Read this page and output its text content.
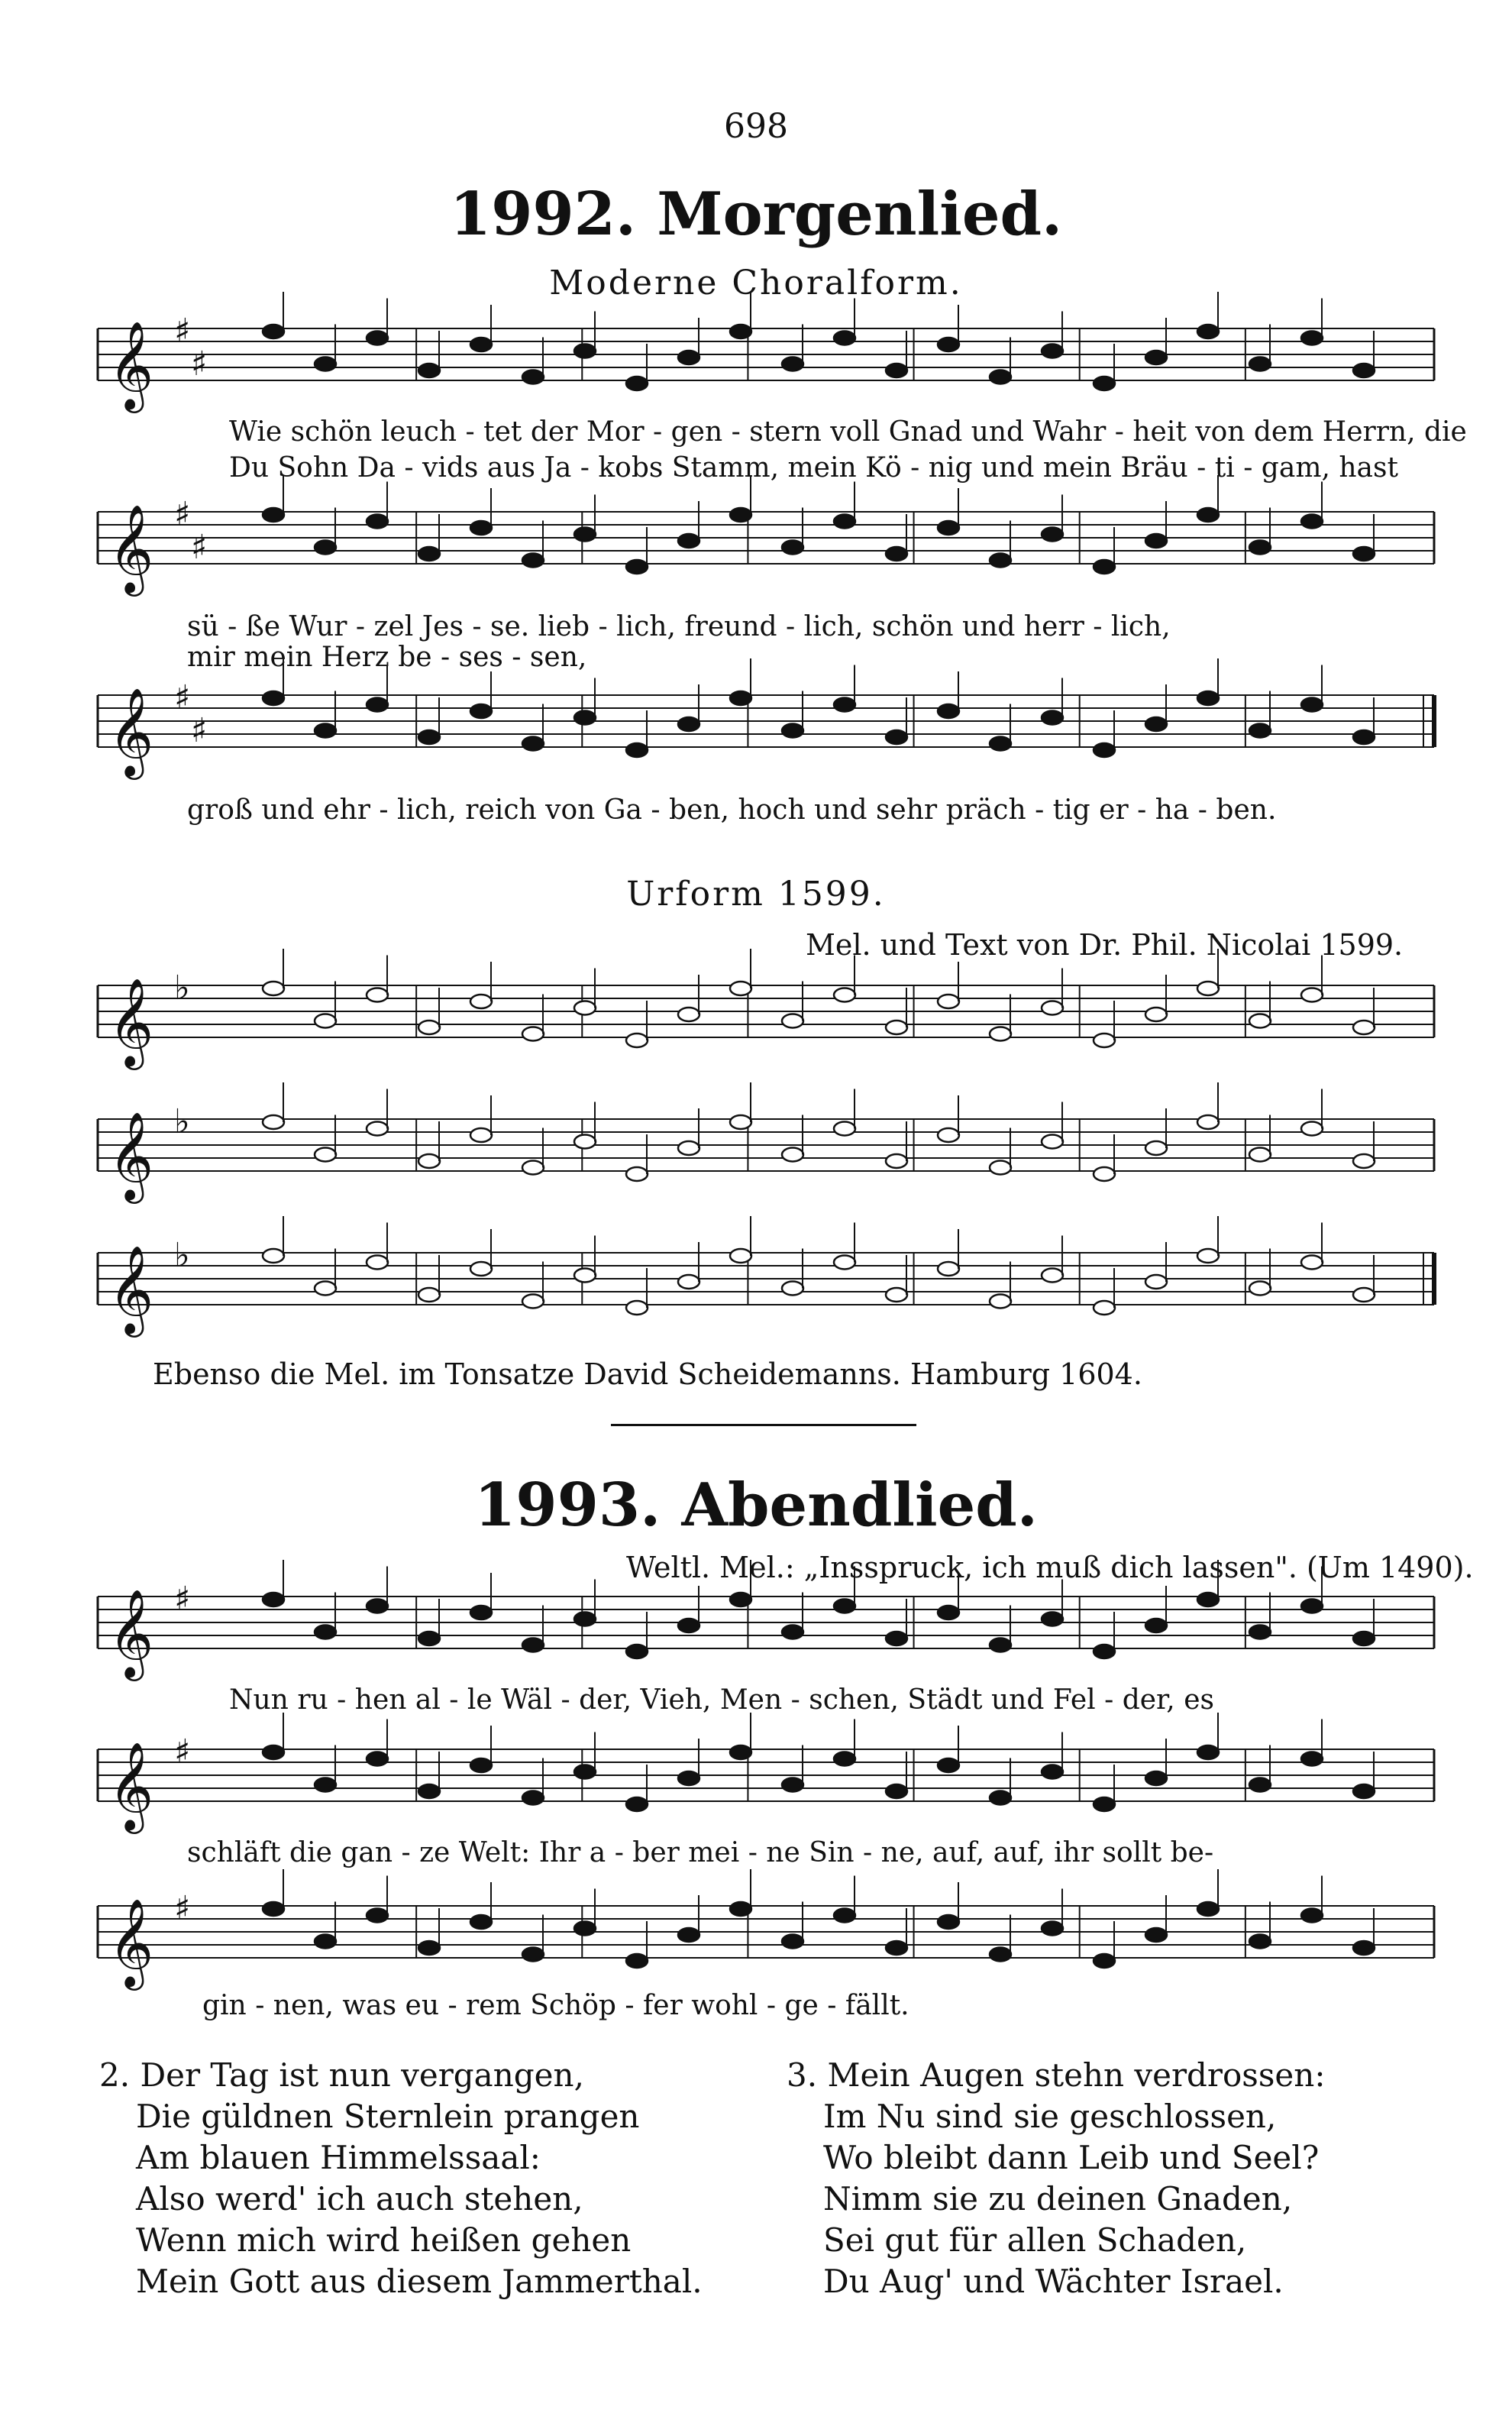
698
1992. Morgenlied.
Moderne Choralform.
𝄞 ♯
♯
Wie schön leuch - tet der Mor - gen - stern voll Gnad und Wahr - heit von dem Herrn, die
Du Sohn Da - vids aus Ja - kobs Stamm, mein Kö - nig und mein Bräu - ti - gam, hast
𝄞 ♯
♯
sü - ße Wur - zel Jes - se. lieb - lich, freund - lich, schön und herr - lich,
mir mein Herz be - ses - sen,
𝄞 ♯
♯
groß und ehr - lich, reich von Ga - ben, hoch und sehr präch - tig er - ha - ben.
Urform 1599.
Mel. und Text von Dr. Phil. Nicolai 1599.
𝄞 ♭
𝄞 ♭
𝄞 ♭
Ebenso die Mel. im Tonsatze David Scheidemanns. Hamburg 1604.
1993. Abendlied.
Weltl. Mel.: „Insspruck, ich muß dich lassen". (Um 1490).
𝄞 ♯
Nun ru - hen al - le Wäl - der, Vieh, Men - schen, Städt und Fel - der, es
𝄞 ♯
schläft die gan - ze Welt: Ihr a - ber mei - ne Sin - ne, auf, auf, ihr sollt be-
𝄞 ♯
gin - nen, was eu - rem Schöp - fer wohl - ge - fällt.
2. Der Tag ist nun vergangen,
Die güldnen Sternlein prangen
Am blauen Himmelssaal:
Also werd' ich auch stehen,
Wenn mich wird heißen gehen
Mein Gott aus diesem Jammerthal.
3. Mein Augen stehn verdrossen:
Im Nu sind sie geschlossen,
Wo bleibt dann Leib und Seel?
Nimm sie zu deinen Gnaden,
Sei gut für allen Schaden,
Du Aug' und Wächter Israel.
